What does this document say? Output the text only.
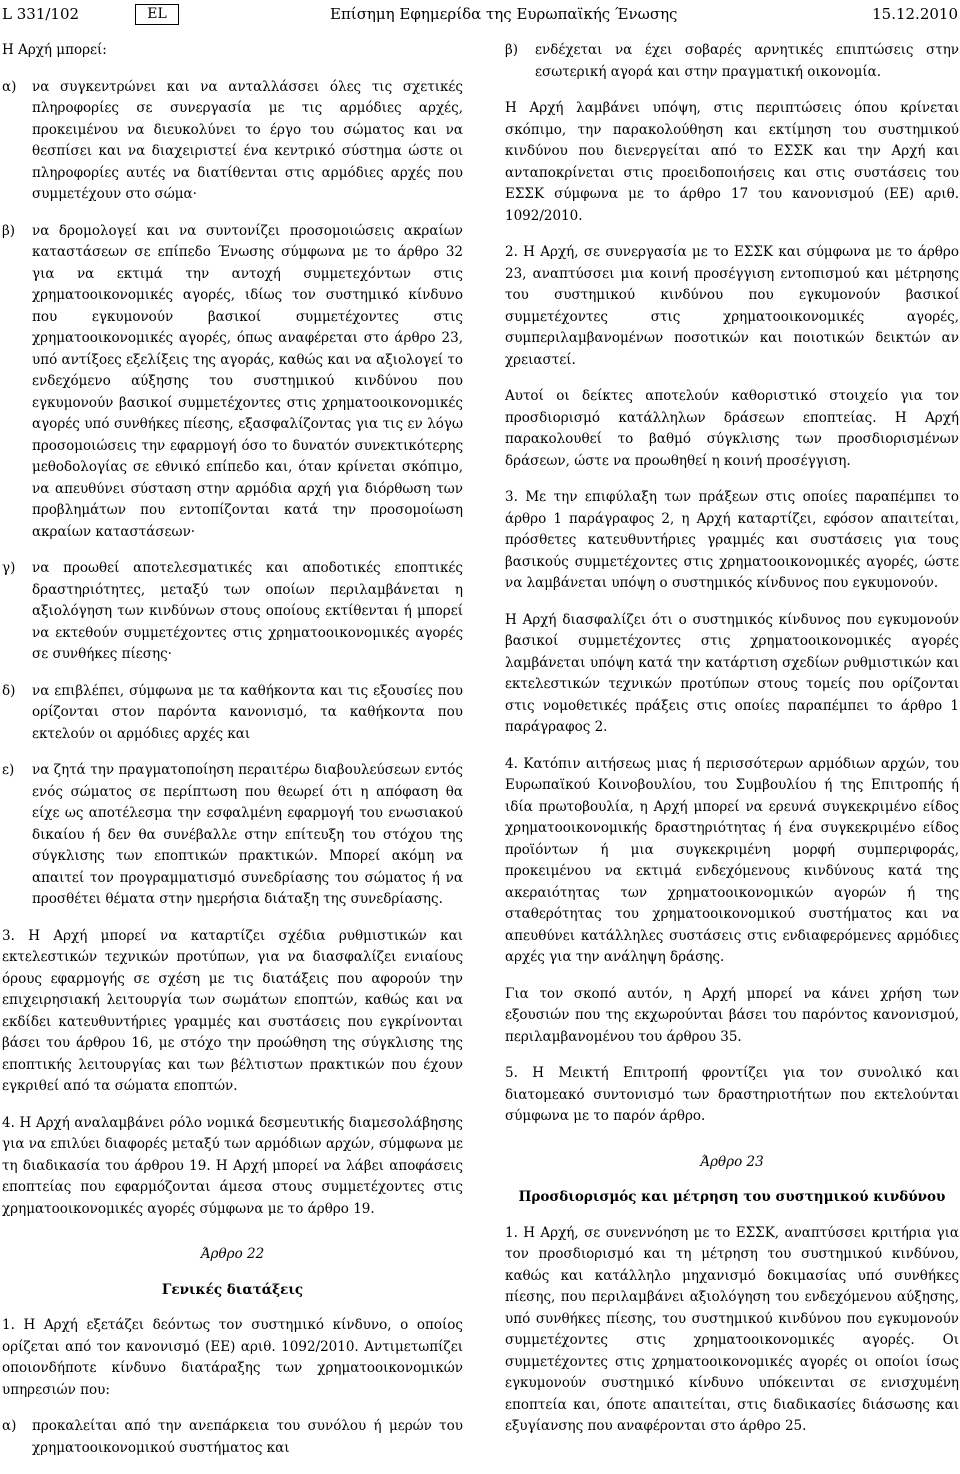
L 331/102	EL	Επίσημη Εφημερίδα της Ευρωπαϊκής Ένωσης	15.12.2010

Η Αρχή μπορεί:

α)	να συγκεντρώνει και να ανταλλάσσει όλες τις σχετικές πληροφορίες σε συνεργασία με τις αρμόδιες αρχές, προκειμένου να διευκολύνει το έργο του σώματος και να θεσπίσει και να διαχειριστεί ένα κεντρικό σύστημα ώστε οι πληροφορίες αυτές να διατίθενται στις αρμόδιες αρχές που συμμετέχουν στο σώμα·
β)	να δρομολογεί και να συντονίζει προσομοιώσεις ακραίων καταστάσεων σε επίπεδο Ένωσης σύμφωνα με το άρθρο 32 για να εκτιμά την αντοχή συμμετεχόντων στις χρηματοοικονομικές αγορές, ιδίως τον συστημικό κίνδυνο που εγκυμονούν βασικοί συμμετέχοντες στις χρηματοοικονομικές αγορές, όπως αναφέρεται στο άρθρο 23, υπό αντίξοες εξελίξεις της αγοράς, καθώς και να αξιολογεί το ενδεχόμενο αύξησης του συστημικού κινδύνου που εγκυμονούν βασικοί συμμετέχοντες στις χρηματοοικονομικές αγορές υπό συνθήκες πίεσης, εξασφαλίζοντας για τις εν λόγω προσομοιώσεις την εφαρμογή όσο το δυνατόν συνεκτικότερης μεθοδολογίας σε εθνικό επίπεδο και, όταν κρίνεται σκόπιμο, να απευθύνει σύσταση στην αρμόδια αρχή για διόρθωση των προβλημάτων που εντοπίζονται κατά την προσομοίωση ακραίων καταστάσεων·
γ)	να προωθεί αποτελεσματικές και αποδοτικές εποπτικές δραστηριότητες, μεταξύ των οποίων περιλαμβάνεται η αξιολόγηση των κινδύνων στους οποίους εκτίθενται ή μπορεί να εκτεθούν συμμετέχοντες στις χρηματοοικονομικές αγορές σε συνθήκες πίεσης·
δ)	να επιβλέπει, σύμφωνα με τα καθήκοντα και τις εξουσίες που ορίζονται στον παρόντα κανονισμό, τα καθήκοντα που εκτελούν οι αρμόδιες αρχές και
ε)	να ζητά την πραγματοποίηση περαιτέρω διαβουλεύσεων εντός ενός σώματος σε περίπτωση που θεωρεί ότι η απόφαση θα είχε ως αποτέλεσμα την εσφαλμένη εφαρμογή του ενωσιακού δικαίου ή δεν θα συνέβαλλε στην επίτευξη του στόχου της σύγκλισης των εποπτικών πρακτικών. Μπορεί ακόμη να απαιτεί τον προγραμματισμό συνεδρίασης του σώματος ή να προσθέτει θέματα στην ημερήσια διάταξη της συνεδρίασης.

3. Η Αρχή μπορεί να καταρτίζει σχέδια ρυθμιστικών και εκτελεστικών τεχνικών προτύπων, για να διασφαλίζει ενιαίους όρους εφαρμογής σε σχέση με τις διατάξεις που αφορούν την επιχειρησιακή λειτουργία των σωμάτων εποπτών, καθώς και να εκδίδει κατευθυντήριες γραμμές και συστάσεις που εγκρίνονται βάσει του άρθρου 16, με στόχο την προώθηση της σύγκλισης της εποπτικής λειτουργίας και των βέλτιστων πρακτικών που έχουν εγκριθεί από τα σώματα εποπτών.

4. Η Αρχή αναλαμβάνει ρόλο νομικά δεσμευτικής διαμεσολάβησης για να επιλύει διαφορές μεταξύ των αρμόδιων αρχών, σύμφωνα με τη διαδικασία του άρθρου 19. Η Αρχή μπορεί να λάβει αποφάσεις εποπτείας που εφαρμόζονται άμεσα στους συμμετέχοντες στις χρηματοοικονομικές αγορές σύμφωνα με το άρθρο 19.

Άρθρο 22
Γενικές διατάξεις

1. Η Αρχή εξετάζει δεόντως τον συστημικό κίνδυνο, ο οποίος ορίζεται από τον κανονισμό (ΕΕ) αριθ. 1092/2010. Αντιμετωπίζει οποιονδήποτε κίνδυνο διατάραξης των χρηματοοικονομικών υπηρεσιών που:

α)	προκαλείται από την ανεπάρκεια του συνόλου ή μερών του χρηματοοικονομικού συστήματος και
β)	ενδέχεται να έχει σοβαρές αρνητικές επιπτώσεις στην εσωτερική αγορά και στην πραγματική οικονομία.

Η Αρχή λαμβάνει υπόψη, στις περιπτώσεις όπου κρίνεται σκόπιμο, την παρακολούθηση και εκτίμηση του συστημικού κινδύνου που διενεργείται από το ΕΣΣΚ και την Αρχή και ανταποκρίνεται στις προειδοποιήσεις και στις συστάσεις του ΕΣΣΚ σύμφωνα με το άρθρο 17 του κανονισμού (ΕΕ) αριθ. 1092/2010.

2. Η Αρχή, σε συνεργασία με το ΕΣΣΚ και σύμφωνα με το άρθρο 23, αναπτύσσει μια κοινή προσέγγιση εντοπισμού και μέτρησης του συστημικού κινδύνου που εγκυμονούν βασικοί συμμετέχοντες στις χρηματοοικονομικές αγορές, συμπεριλαμβανομένων ποσοτικών και ποιοτικών δεικτών αν χρειαστεί.

Αυτοί οι δείκτες αποτελούν καθοριστικό στοιχείο για τον προσδιορισμό κατάλληλων δράσεων εποπτείας. Η Αρχή παρακολουθεί το βαθμό σύγκλισης των προσδιορισμένων δράσεων, ώστε να προωθηθεί η κοινή προσέγγιση.

3. Με την επιφύλαξη των πράξεων στις οποίες παραπέμπει το άρθρο 1 παράγραφος 2, η Αρχή καταρτίζει, εφόσον απαιτείται, πρόσθετες κατευθυντήριες γραμμές και συστάσεις για τους βασικούς συμμετέχοντες στις χρηματοοικονομικές αγορές, ώστε να λαμβάνεται υπόψη ο συστημικός κίνδυνος που εγκυμονούν.

Η Αρχή διασφαλίζει ότι ο συστημικός κίνδυνος που εγκυμονούν βασικοί συμμετέχοντες στις χρηματοοικονομικές αγορές λαμβάνεται υπόψη κατά την κατάρτιση σχεδίων ρυθμιστικών και εκτελεστικών τεχνικών προτύπων στους τομείς που ορίζονται στις νομοθετικές πράξεις στις οποίες παραπέμπει το άρθρο 1 παράγραφος 2.

4. Κατόπιν αιτήσεως μιας ή περισσότερων αρμόδιων αρχών, του Ευρωπαϊκού Κοινοβουλίου, του Συμβουλίου ή της Επιτροπής ή ιδία πρωτοβουλία, η Αρχή μπορεί να ερευνά συγκεκριμένο είδος χρηματοοικονομικής δραστηριότητας ή ένα συγκεκριμένο είδος προϊόντων ή μια συγκεκριμένη μορφή συμπεριφοράς, προκειμένου να εκτιμά ενδεχόμενους κινδύνους κατά της ακεραιότητας των χρηματοοικονομικών αγορών ή της σταθερότητας του χρηματοοικονομικού συστήματος και να απευθύνει κατάλληλες συστάσεις στις ενδιαφερόμενες αρμόδιες αρχές για την ανάληψη δράσης.

Για τον σκοπό αυτόν, η Αρχή μπορεί να κάνει χρήση των εξουσιών που της εκχωρούνται βάσει του παρόντος κανονισμού, περιλαμβανομένου του άρθρου 35.

5. Η Μεικτή Επιτροπή φροντίζει για τον συνολικό και διατομεακό συντονισμό των δραστηριοτήτων που εκτελούνται σύμφωνα με το παρόν άρθρο.

Άρθρο 23
Προσδιορισμός και μέτρηση του συστημικού κινδύνου

1. Η Αρχή, σε συνεννόηση με το ΕΣΣΚ, αναπτύσσει κριτήρια για τον προσδιορισμό και τη μέτρηση του συστημικού κινδύνου, καθώς και κατάλληλο μηχανισμό δοκιμασίας υπό συνθήκες πίεσης, που περιλαμβάνει αξιολόγηση του ενδεχόμενου αύξησης, υπό συνθήκες πίεσης, του συστημικού κινδύνου που εγκυμονούν συμμετέχοντες στις χρηματοοικονομικές αγορές. Οι συμμετέχοντες στις χρηματοοικονομικές αγορές οι οποίοι ίσως εγκυμονούν συστημικό κίνδυνο υπόκεινται σε ενισχυμένη εποπτεία και, όποτε απαιτείται, στις διαδικασίες διάσωσης και εξυγίανσης που αναφέρονται στο άρθρο 25.
